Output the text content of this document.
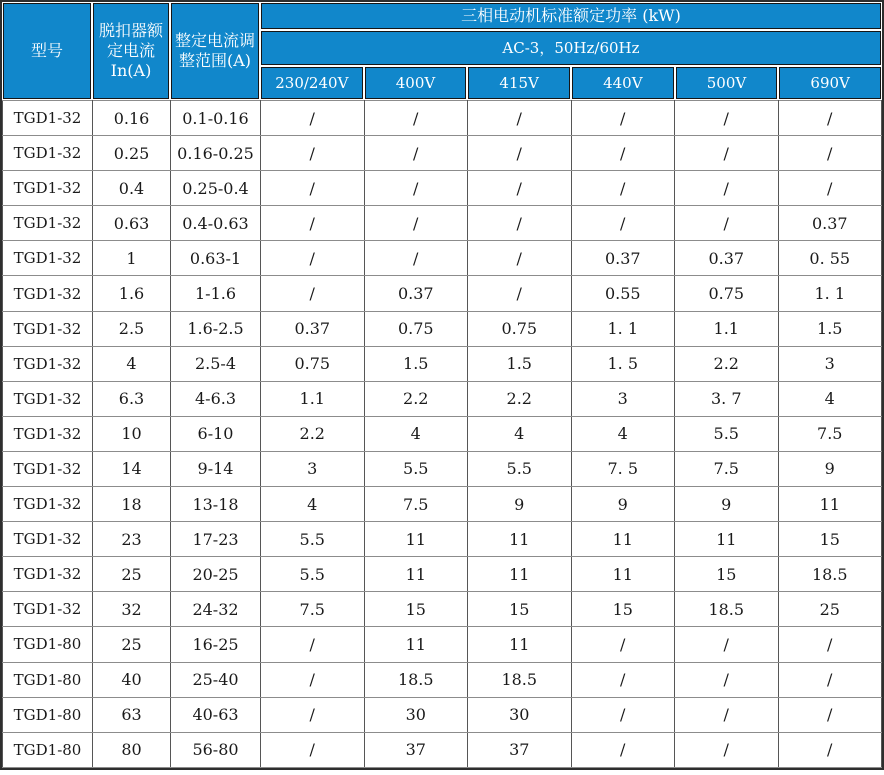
型号
脱扣器额定电流 In(A)
整定电流调整范围(A)
三相电动机标准额定功率 (kW)
AC-3，50Hz/60Hz
230/240V	400V	415V	440V	500V	690V
TGD1-32	0.16	0.1-0.16	/	/	/	/	/	/
TGD1-32	0.25	0.16-0.25	/	/	/	/	/	/
TGD1-32	0.4	0.25-0.4	/	/	/	/	/	/
TGD1-32	0.63	0.4-0.63	/	/	/	/	/	0.37
TGD1-32	1	0.63-1	/	/	/	0.37	0.37	0. 55
TGD1-32	1.6	1-1.6	/	0.37	/	0.55	0.75	1. 1
TGD1-32	2.5	1.6-2.5	0.37	0.75	0.75	1. 1	1.1	1.5
TGD1-32	4	2.5-4	0.75	1.5	1.5	1. 5	2.2	3
TGD1-32	6.3	4-6.3	1.1	2.2	2.2	3	3. 7	4
TGD1-32	10	6-10	2.2	4	4	4	5.5	7.5
TGD1-32	14	9-14	3	5.5	5.5	7. 5	7.5	9
TGD1-32	18	13-18	4	7.5	9	9	9	11
TGD1-32	23	17-23	5.5	11	11	11	11	15
TGD1-32	25	20-25	5.5	11	11	11	15	18.5
TGD1-32	32	24-32	7.5	15	15	15	18.5	25
TGD1-80	25	16-25	/	11	11	/	/	/
TGD1-80	40	25-40	/	18.5	18.5	/	/	/
TGD1-80	63	40-63	/	30	30	/	/	/
TGD1-80	80	56-80	/	37	37	/	/	/
